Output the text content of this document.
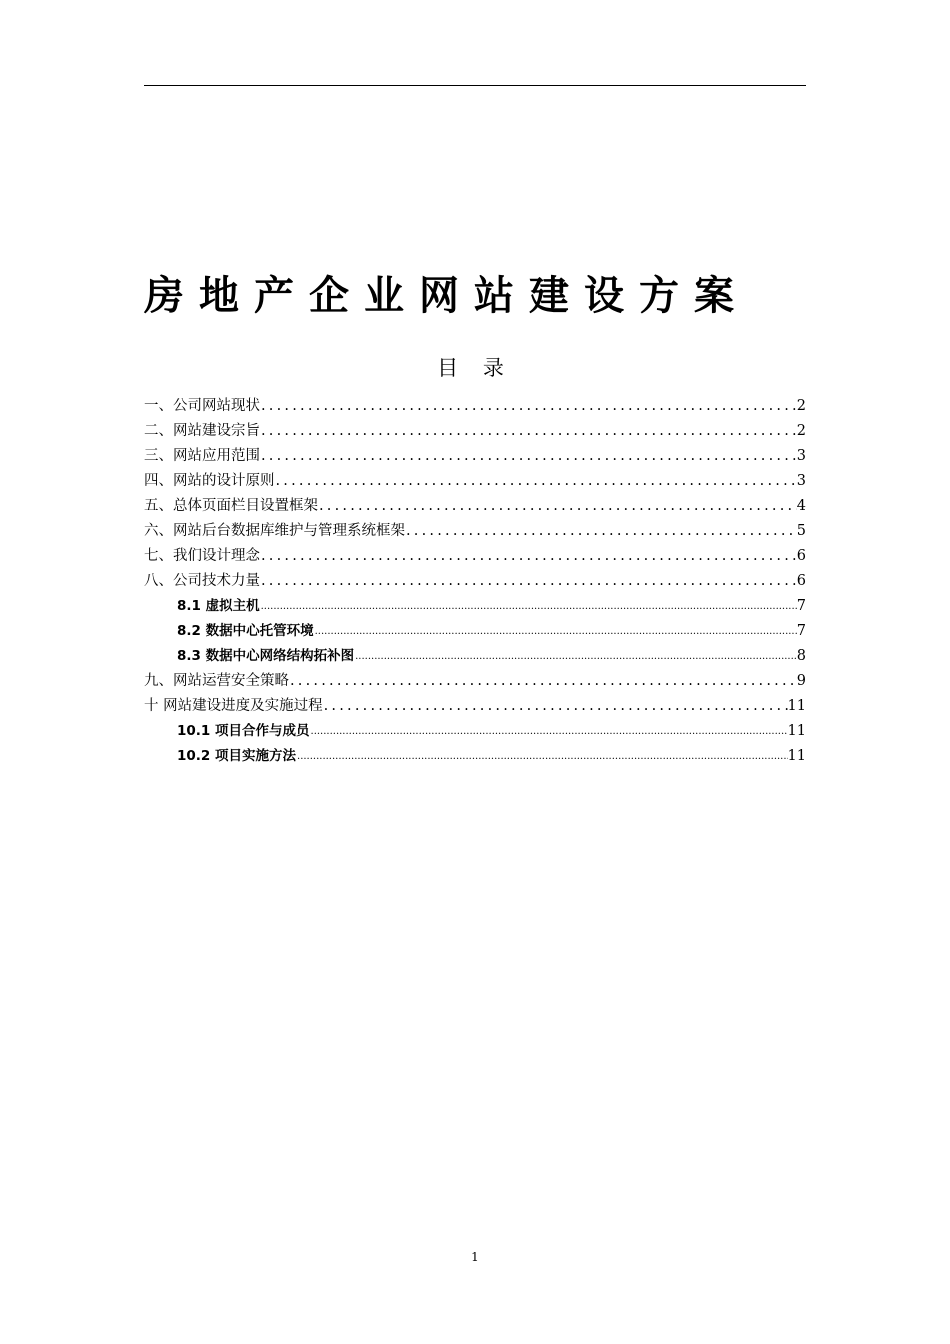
房地产企业网站建设方案
目 录
一、公司网站现状 .....	2
二、网站建设宗旨 .....	2
三、网站应用范围 .....	3
四、网站的设计原则 .....	3
五、总体页面栏目设置框架 .....	4
六、网站后台数据库维护与管理系统框架 .....	5
七、我们设计理念 .....	6
八、公司技术力量 .....	6
8.1 虚拟主机 .....	7
8.2 数据中心托管环境 .....	7
8.3 数据中心网络结构拓补图 .....	8
九、网站运营安全策略 .....	9
十 网站建设进度及实施过程 .....	11
10.1 项目合作与成员 .....	11
10.2 项目实施方法 .....	11
1
